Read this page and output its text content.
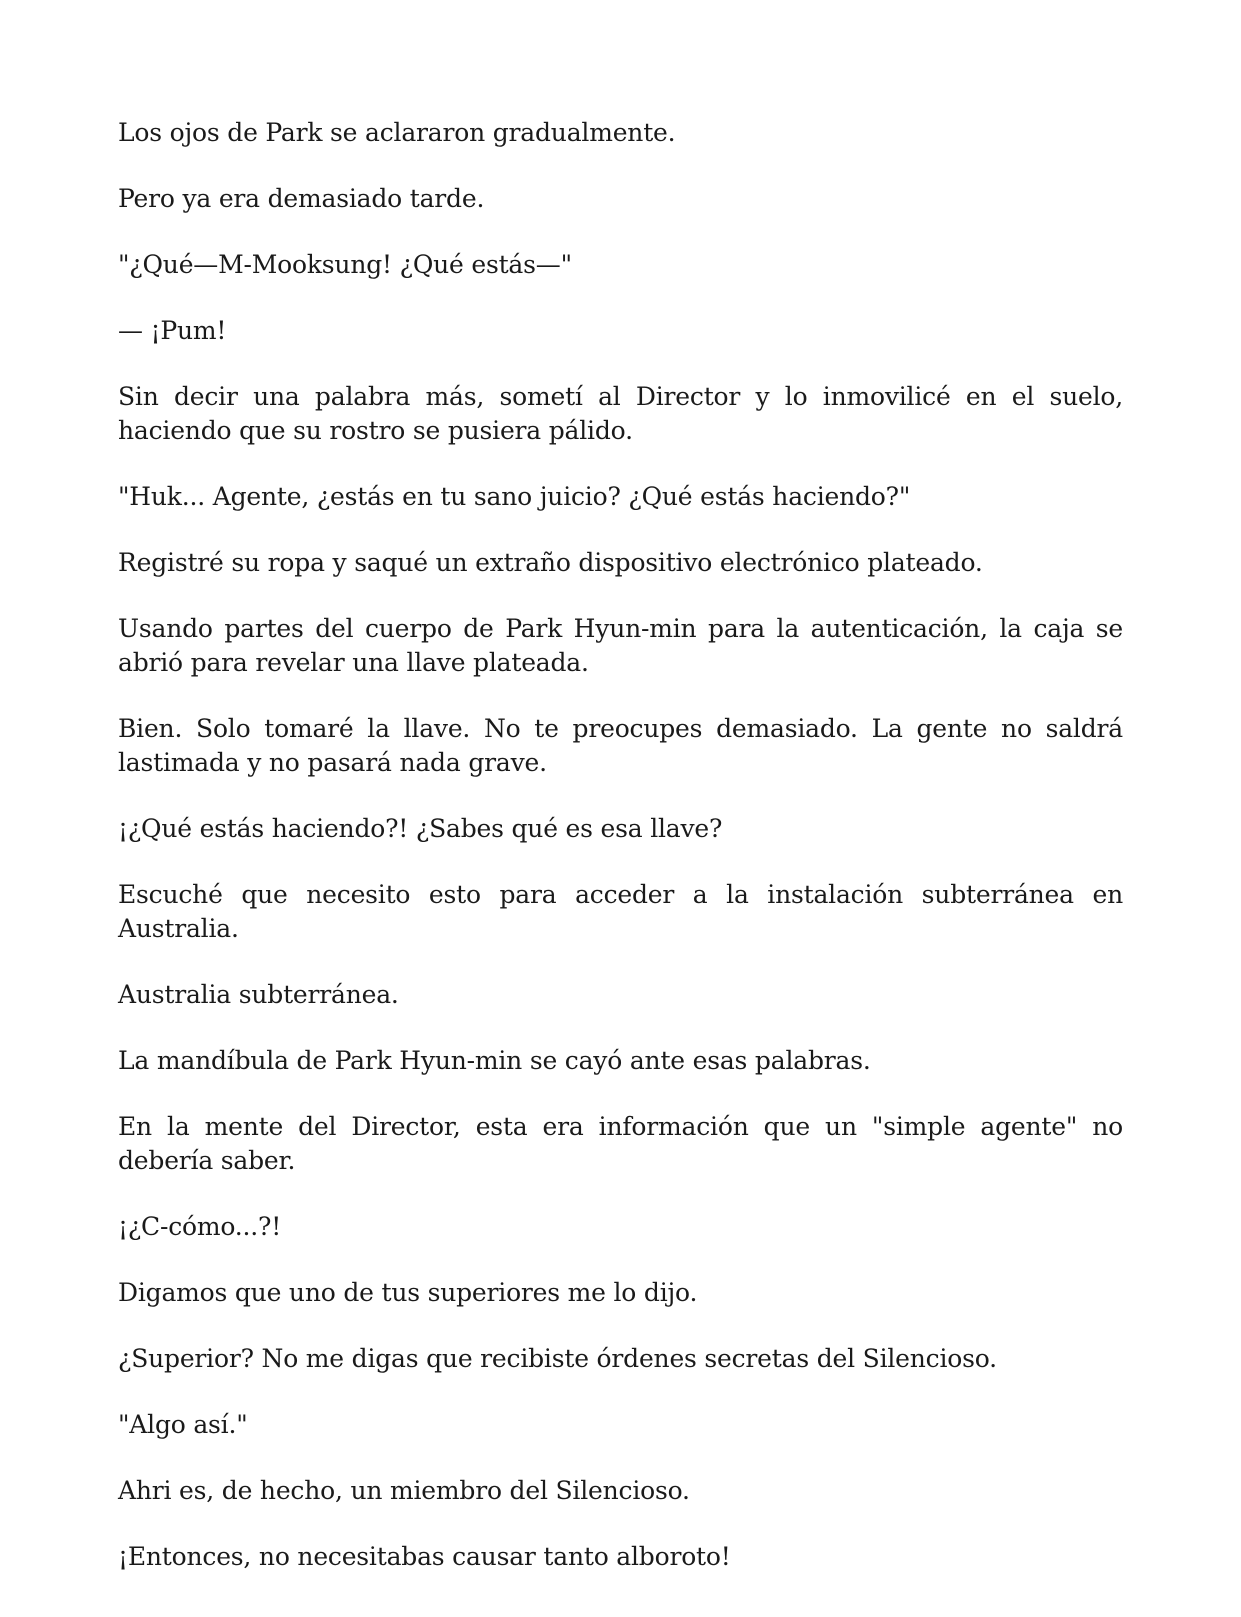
Los ojos de Park se aclararon gradualmente.

Pero ya era demasiado tarde.

"¿Qué—M-Mooksung! ¿Qué estás—"

— ¡Pum!

Sin decir una palabra más, sometí al Director y lo inmovilicé en el suelo, haciendo que su rostro se pusiera pálido.

"Huk... Agente, ¿estás en tu sano juicio? ¿Qué estás haciendo?"

Registré su ropa y saqué un extraño dispositivo electrónico plateado.

Usando partes del cuerpo de Park Hyun-min para la autenticación, la caja se abrió para revelar una llave plateada.

Bien. Solo tomaré la llave. No te preocupes demasiado. La gente no saldrá lastimada y no pasará nada grave.

¡¿Qué estás haciendo?! ¿Sabes qué es esa llave?

Escuché que necesito esto para acceder a la instalación subterránea en Australia.

Australia subterránea.

La mandíbula de Park Hyun-min se cayó ante esas palabras.

En la mente del Director, esta era información que un "simple agente" no debería saber.

¡¿C-cómo...?!

Digamos que uno de tus superiores me lo dijo.

¿Superior? No me digas que recibiste órdenes secretas del Silencioso.

"Algo así."

Ahri es, de hecho, un miembro del Silencioso.

¡Entonces, no necesitabas causar tanto alboroto!
